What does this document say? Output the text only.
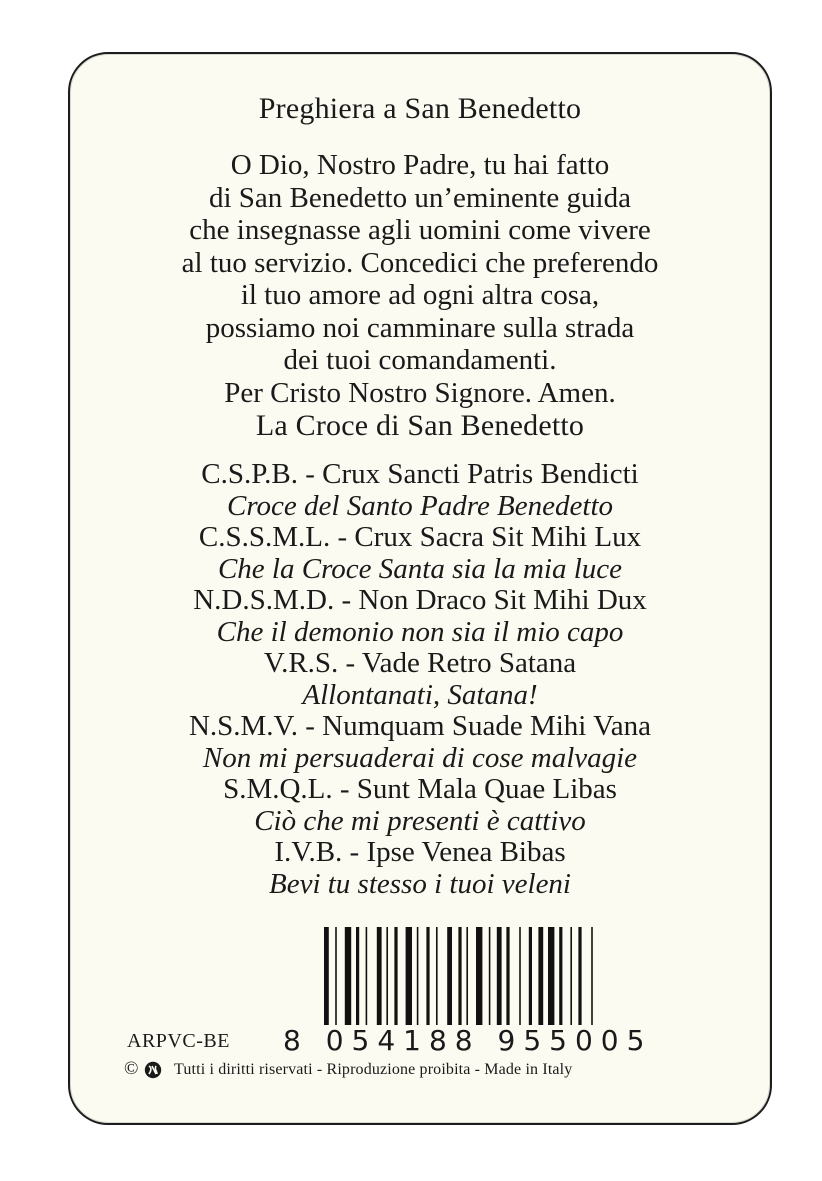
Preghiera a San Benedetto
O Dio, Nostro Padre, tu hai fatto
di San Benedetto un’eminente guida
che insegnasse agli uomini come vivere
al tuo servizio. Concedici che preferendo
il tuo amore ad ogni altra cosa,
possiamo noi camminare sulla strada
dei tuoi comandamenti.
Per Cristo Nostro Signore. Amen.
La Croce di San Benedetto
C.S.P.B. - Crux Sancti Patris Bendicti
Croce del Santo Padre Benedetto
C.S.S.M.L. - Crux Sacra Sit Mihi Lux
Che la Croce Santa sia la mia luce
N.D.S.M.D. - Non Draco Sit Mihi Dux
Che il demonio non sia il mio capo
V.R.S. - Vade Retro Satana
Allontanati, Satana!
N.S.M.V. - Numquam Suade Mihi Vana
Non mi persuaderai di cose malvagie
S.M.Q.L. - Sunt Mala Quae Libas
Ciò che mi presenti è cattivo
I.V.B. - Ipse Venea Bibas
Bevi tu stesso i tuoi veleni
ARPVC-BE 8 054188 955005
© Tutti i diritti riservati - Riproduzione proibita - Made in Italy
